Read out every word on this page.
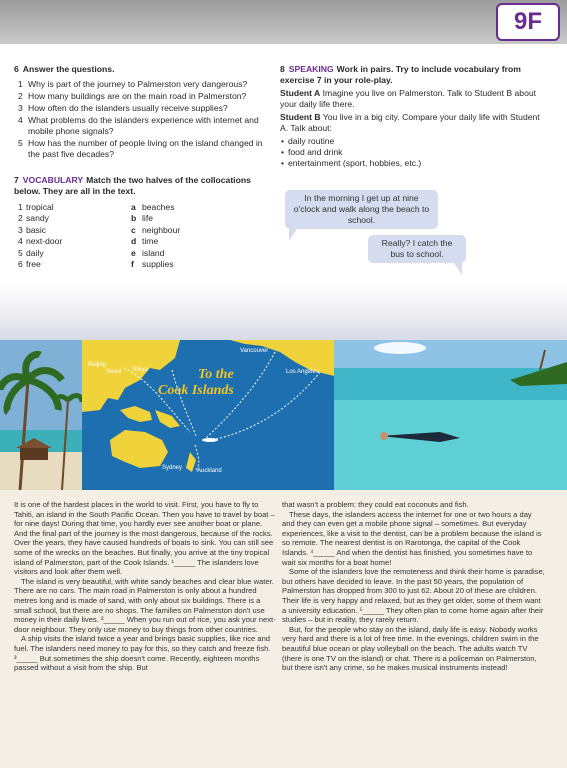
9F
6 Answer the questions.
1 Why is part of the journey to Palmerston very dangerous?
2 How many buildings are on the main road in Palmerston?
3 How often do the islanders usually receive supplies?
4 What problems do the islanders experience with internet and mobile phone signals?
5 How has the number of people living on the island changed in the past five decades?
7 VOCABULARY Match the two halves of the collocations below. They are all in the text.
1 tropical
2 sandy
3 basic
4 next-door
5 daily
6 free
a beaches
b life
c neighbour
d time
e island
f supplies
8 SPEAKING Work in pairs. Try to include vocabulary from exercise 7 in your role-play.
Student A Imagine you live on Palmerston. Talk to Student B about your daily life there.
Student B You live in a big city. Compare your daily life with Student A. Talk about:
• daily routine
• food and drink
• entertainment (sport, hobbies, etc.)
In the morning I get up at nine o'clock and walk along the beach to school.
Really? I catch the bus to school.
To the
Cook Islands
Beijing
Seoul Tokyo
Vancouver
Los Angeles
Sydney Auckland

It is one of the hardest places in the world to visit. First, you have to fly to Tahiti, an island in the South Pacific Ocean. Then you have to travel by boat – for nine days! During that time, you hardly ever see another boat or plane. And the final part of the journey is the most dangerous, because of the rocks. Over the years, they have caused hundreds of boats to sink. You can still see some of the wrecks on the beaches. But finally, you arrive at the tiny tropical island of Palmerston, part of the Cook Islands. ¹_____ The islanders love visitors and look after them well.

The island is very beautiful, with white sandy beaches and clear blue water. There are no cars. The main road in Palmerston is only about a hundred metres long and is made of sand, with only about six buildings. There is a small school, but there are no shops. The families on Palmerston don't use money in their daily lives. ²_____ When you run out of rice, you ask your next-door neighbour. They only use money to buy things from other countries.

A ship visits the island twice a year and brings basic supplies, like rice and fuel. The islanders need money to pay for this, so they catch and freeze fish. ³_____ But sometimes the ship doesn't come. Recently, eighteen months passed without a visit from the ship. But

that wasn't a problem: they could eat coconuts and fish.

These days, the islanders access the internet for one or two hours a day and they can even get a mobile phone signal – sometimes. But everyday experiences, like a visit to the dentist, can be a problem because the island is so remote. The nearest dentist is on Rarotonga, the capital of the Cook Islands. ⁴_____ And when the dentist has finished, you sometimes have to wait six months for a boat home!

Some of the islanders love the remoteness and think their home is paradise, but others have decided to leave. In the past 50 years, the population of Palmerston has dropped from 300 to just 62. About 20 of these are children. Their life is very happy and relaxed, but as they get older, some of them want a university education. ⁵_____ They often plan to come home again after their studies – but in reality, they rarely return.

But, for the people who stay on the island, daily life is easy. Nobody works very hard and there is a lot of free time. In the evenings, children swim in the beautiful blue ocean or play volleyball on the beach. The adults watch TV (there is one TV on the island) or chat. There is a policeman on Palmerston, but there isn't any crime, so he makes musical instruments instead!
